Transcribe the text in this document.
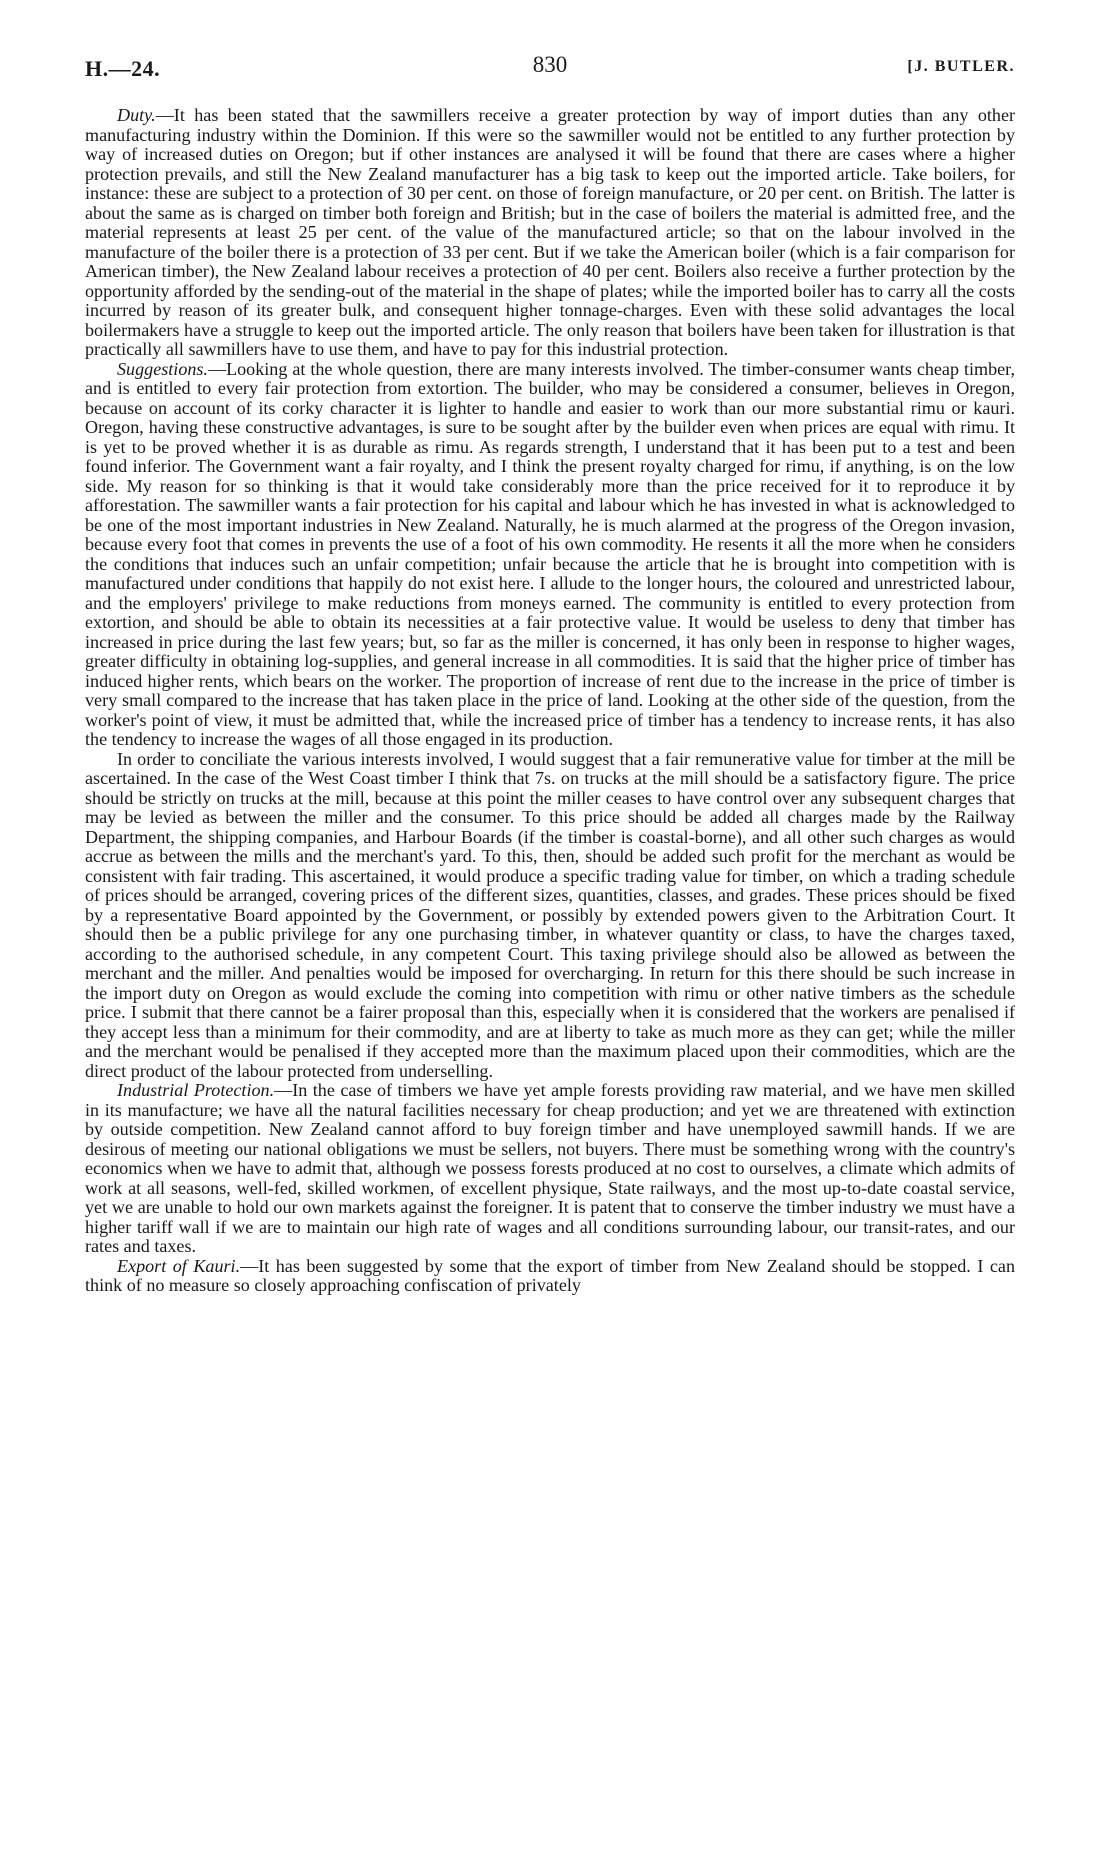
H.—24.	830	[J. BUTLER.

Duty.—It has been stated that the sawmillers receive a greater protection by way of import duties than any other manufacturing industry within the Dominion. If this were so the sawmiller would not be entitled to any further protection by way of increased duties on Oregon; but if other instances are analysed it will be found that there are cases where a higher protection prevails, and still the New Zealand manufacturer has a big task to keep out the imported article. Take boilers, for instance: these are subject to a protection of 30 per cent. on those of foreign manufacture, or 20 per cent. on British. The latter is about the same as is charged on timber both foreign and British; but in the case of boilers the material is admitted free, and the material represents at least 25 per cent. of the value of the manufactured article; so that on the labour involved in the manufacture of the boiler there is a protection of 33 per cent. But if we take the American boiler (which is a fair comparison for American timber), the New Zealand labour receives a protection of 40 per cent. Boilers also receive a further protection by the opportunity afforded by the sending-out of the material in the shape of plates; while the imported boiler has to carry all the costs incurred by reason of its greater bulk, and consequent higher tonnage-charges. Even with these solid advantages the local boilermakers have a struggle to keep out the imported article. The only reason that boilers have been taken for illustration is that practically all sawmillers have to use them, and have to pay for this industrial protection.

Suggestions.—Looking at the whole question, there are many interests involved. The timber-consumer wants cheap timber, and is entitled to every fair protection from extortion. The builder, who may be considered a consumer, believes in Oregon, because on account of its corky character it is lighter to handle and easier to work than our more substantial rimu or kauri. Oregon, having these constructive advantages, is sure to be sought after by the builder even when prices are equal with rimu. It is yet to be proved whether it is as durable as rimu. As regards strength, I understand that it has been put to a test and been found inferior. The Government want a fair royalty, and I think the present royalty charged for rimu, if anything, is on the low side. My reason for so thinking is that it would take considerably more than the price received for it to reproduce it by afforestation. The sawmiller wants a fair protection for his capital and labour which he has invested in what is acknowledged to be one of the most important industries in New Zealand. Naturally, he is much alarmed at the progress of the Oregon invasion, because every foot that comes in prevents the use of a foot of his own commodity. He resents it all the more when he considers the conditions that induces such an unfair competition; unfair because the article that he is brought into competition with is manufactured under conditions that happily do not exist here. I allude to the longer hours, the coloured and unrestricted labour, and the employers' privilege to make reductions from moneys earned. The community is entitled to every protection from extortion, and should be able to obtain its necessities at a fair protective value. It would be useless to deny that timber has increased in price during the last few years; but, so far as the miller is concerned, it has only been in response to higher wages, greater difficulty in obtaining log-supplies, and general increase in all commodities. It is said that the higher price of timber has induced higher rents, which bears on the worker. The proportion of increase of rent due to the increase in the price of timber is very small compared to the increase that has taken place in the price of land. Looking at the other side of the question, from the worker's point of view, it must be admitted that, while the increased price of timber has a tendency to increase rents, it has also the tendency to increase the wages of all those engaged in its production.

In order to conciliate the various interests involved, I would suggest that a fair remunerative value for timber at the mill be ascertained. In the case of the West Coast timber I think that 7s. on trucks at the mill should be a satisfactory figure. The price should be strictly on trucks at the mill, because at this point the miller ceases to have control over any subsequent charges that may be levied as between the miller and the consumer. To this price should be added all charges made by the Railway Department, the shipping companies, and Harbour Boards (if the timber is coastal-borne), and all other such charges as would accrue as between the mills and the merchant's yard. To this, then, should be added such profit for the merchant as would be consistent with fair trading. This ascertained, it would produce a specific trading value for timber, on which a trading schedule of prices should be arranged, covering prices of the different sizes, quantities, classes, and grades. These prices should be fixed by a representative Board appointed by the Government, or possibly by extended powers given to the Arbitration Court. It should then be a public privilege for any one purchasing timber, in whatever quantity or class, to have the charges taxed, according to the authorised schedule, in any competent Court. This taxing privilege should also be allowed as between the merchant and the miller. And penalties would be imposed for overcharging. In return for this there should be such increase in the import duty on Oregon as would exclude the coming into competition with rimu or other native timbers as the schedule price. I submit that there cannot be a fairer proposal than this, especially when it is considered that the workers are penalised if they accept less than a minimum for their commodity, and are at liberty to take as much more as they can get; while the miller and the merchant would be penalised if they accepted more than the maximum placed upon their commodities, which are the direct product of the labour protected from underselling.

Industrial Protection.—In the case of timbers we have yet ample forests providing raw material, and we have men skilled in its manufacture; we have all the natural facilities necessary for cheap production; and yet we are threatened with extinction by outside competition. New Zealand cannot afford to buy foreign timber and have unemployed sawmill hands. If we are desirous of meeting our national obligations we must be sellers, not buyers. There must be something wrong with the country's economics when we have to admit that, although we possess forests produced at no cost to ourselves, a climate which admits of work at all seasons, well-fed, skilled workmen, of excellent physique, State railways, and the most up-to-date coastal service, yet we are unable to hold our own markets against the foreigner. It is patent that to conserve the timber industry we must have a higher tariff wall if we are to maintain our high rate of wages and all conditions surrounding labour, our transit-rates, and our rates and taxes.

Export of Kauri.—It has been suggested by some that the export of timber from New Zealand should be stopped. I can think of no measure so closely approaching confiscation of privately
